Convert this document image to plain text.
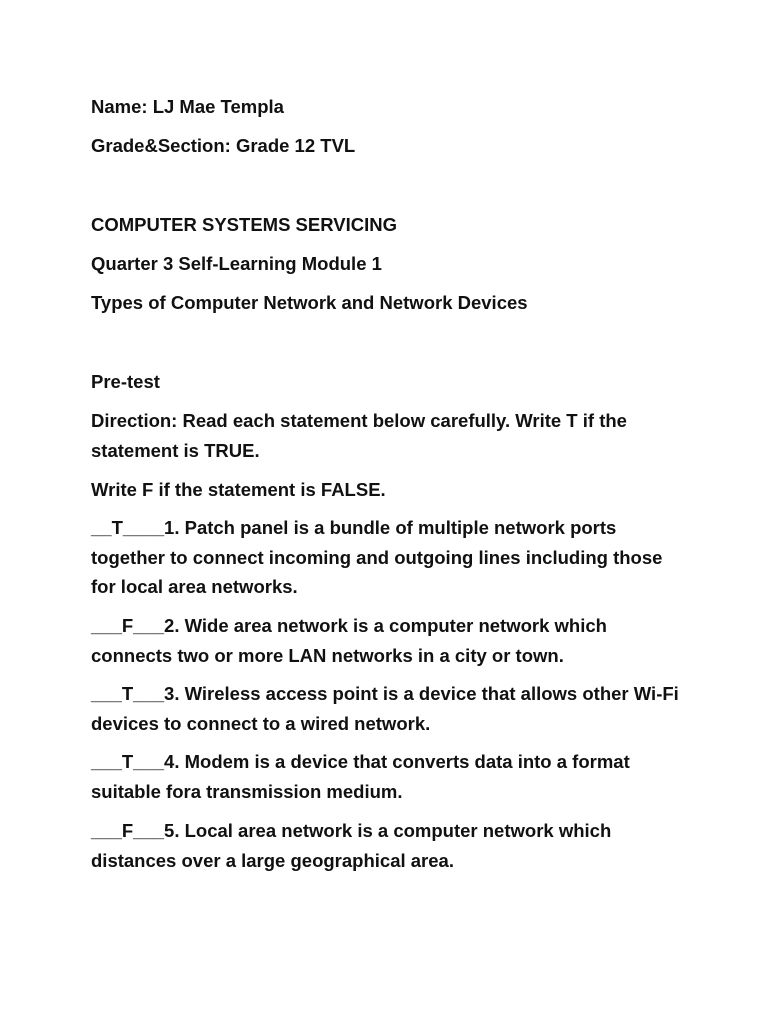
Name: LJ Mae Templa
Grade&Section: Grade 12 TVL
COMPUTER SYSTEMS SERVICING
Quarter 3 Self-Learning Module 1
Types of Computer Network and Network Devices
Pre-test
Direction: Read each statement below carefully. Write T if the statement is TRUE.
Write F if the statement is FALSE.
__T____1. Patch panel is a bundle of multiple network ports together to connect incoming and outgoing lines including those for local area networks.
___F___2. Wide area network is a computer network which connects two or more LAN networks in a city or town.
___T___3. Wireless access point is a device that allows other Wi-Fi devices to connect to a wired network.
___T___4. Modem is a device that converts data into a format suitable fora transmission medium.
___F___5. Local area network is a computer network which distances over a large geographical area.
